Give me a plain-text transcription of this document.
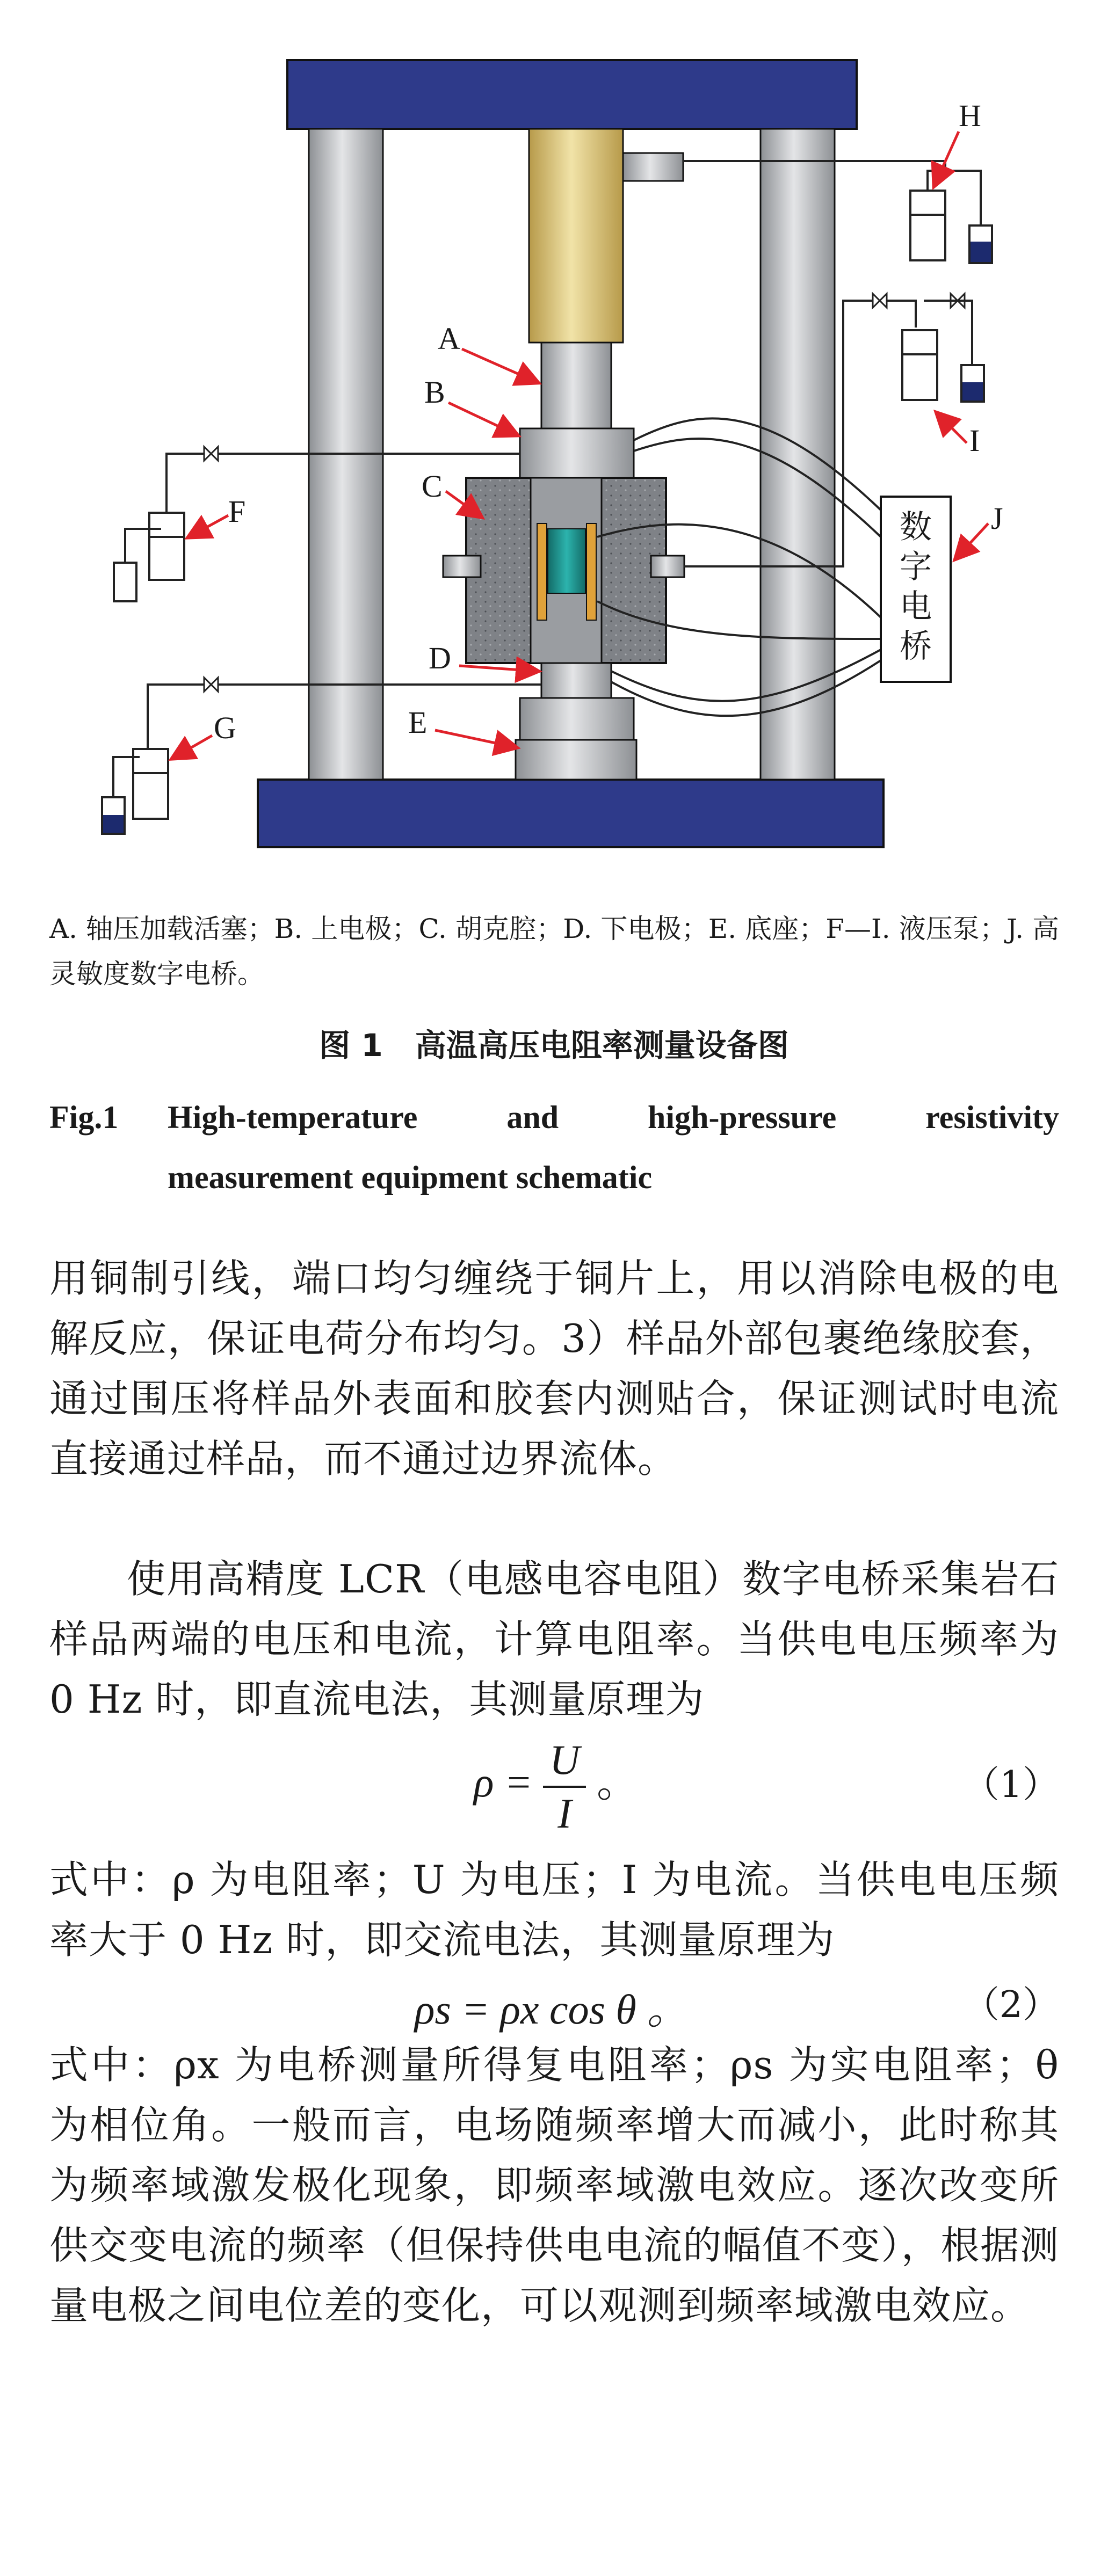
数
字
电
桥
A
B
C
D
E
F
G
H
I
J
A. 轴压加载活塞；B. 上电极；C. 胡克腔；D. 下电极；E. 底座；F—I. 液压泵；J. 高灵敏度数字电桥。
图 1 高温高压电阻率测量设备图
Fig.1 High-temperature and high-pressure resistivity
measurement equipment schematic

用铜制引线，端口均匀缠绕于铜片上，用以消除电极的电解反应，保证电荷分布均匀。3）样品外部包裹绝缘胶套，通过围压将样品外表面和胶套内测贴合，保证测试时电流直接通过样品，而不通过边界流体。

使用高精度 LCR（电感电容电阻）数字电桥采集岩石样品两端的电压和电流，计算电阻率。当供电电压频率为 0 Hz 时，即直流电法，其测量原理为

$\rho = \frac{U}{I}$ 。	（1）

式中：ρ 为电阻率；U 为电压；I 为电流。当供电电压频率大于 0 Hz 时，即交流电法，其测量原理为

ρs = ρx cos θ 。	（2）

式中：ρx 为电桥测量所得复电阻率；ρs 为实电阻率；θ 为相位角。一般而言，电场随频率增大而减小，此时称其为频率域激发极化现象，即频率域激电效应。逐次改变所供交变电流的频率（但保持供电电流的幅值不变），根据测量电极之间电位差的变化，可以观测到频率域激电效应。
